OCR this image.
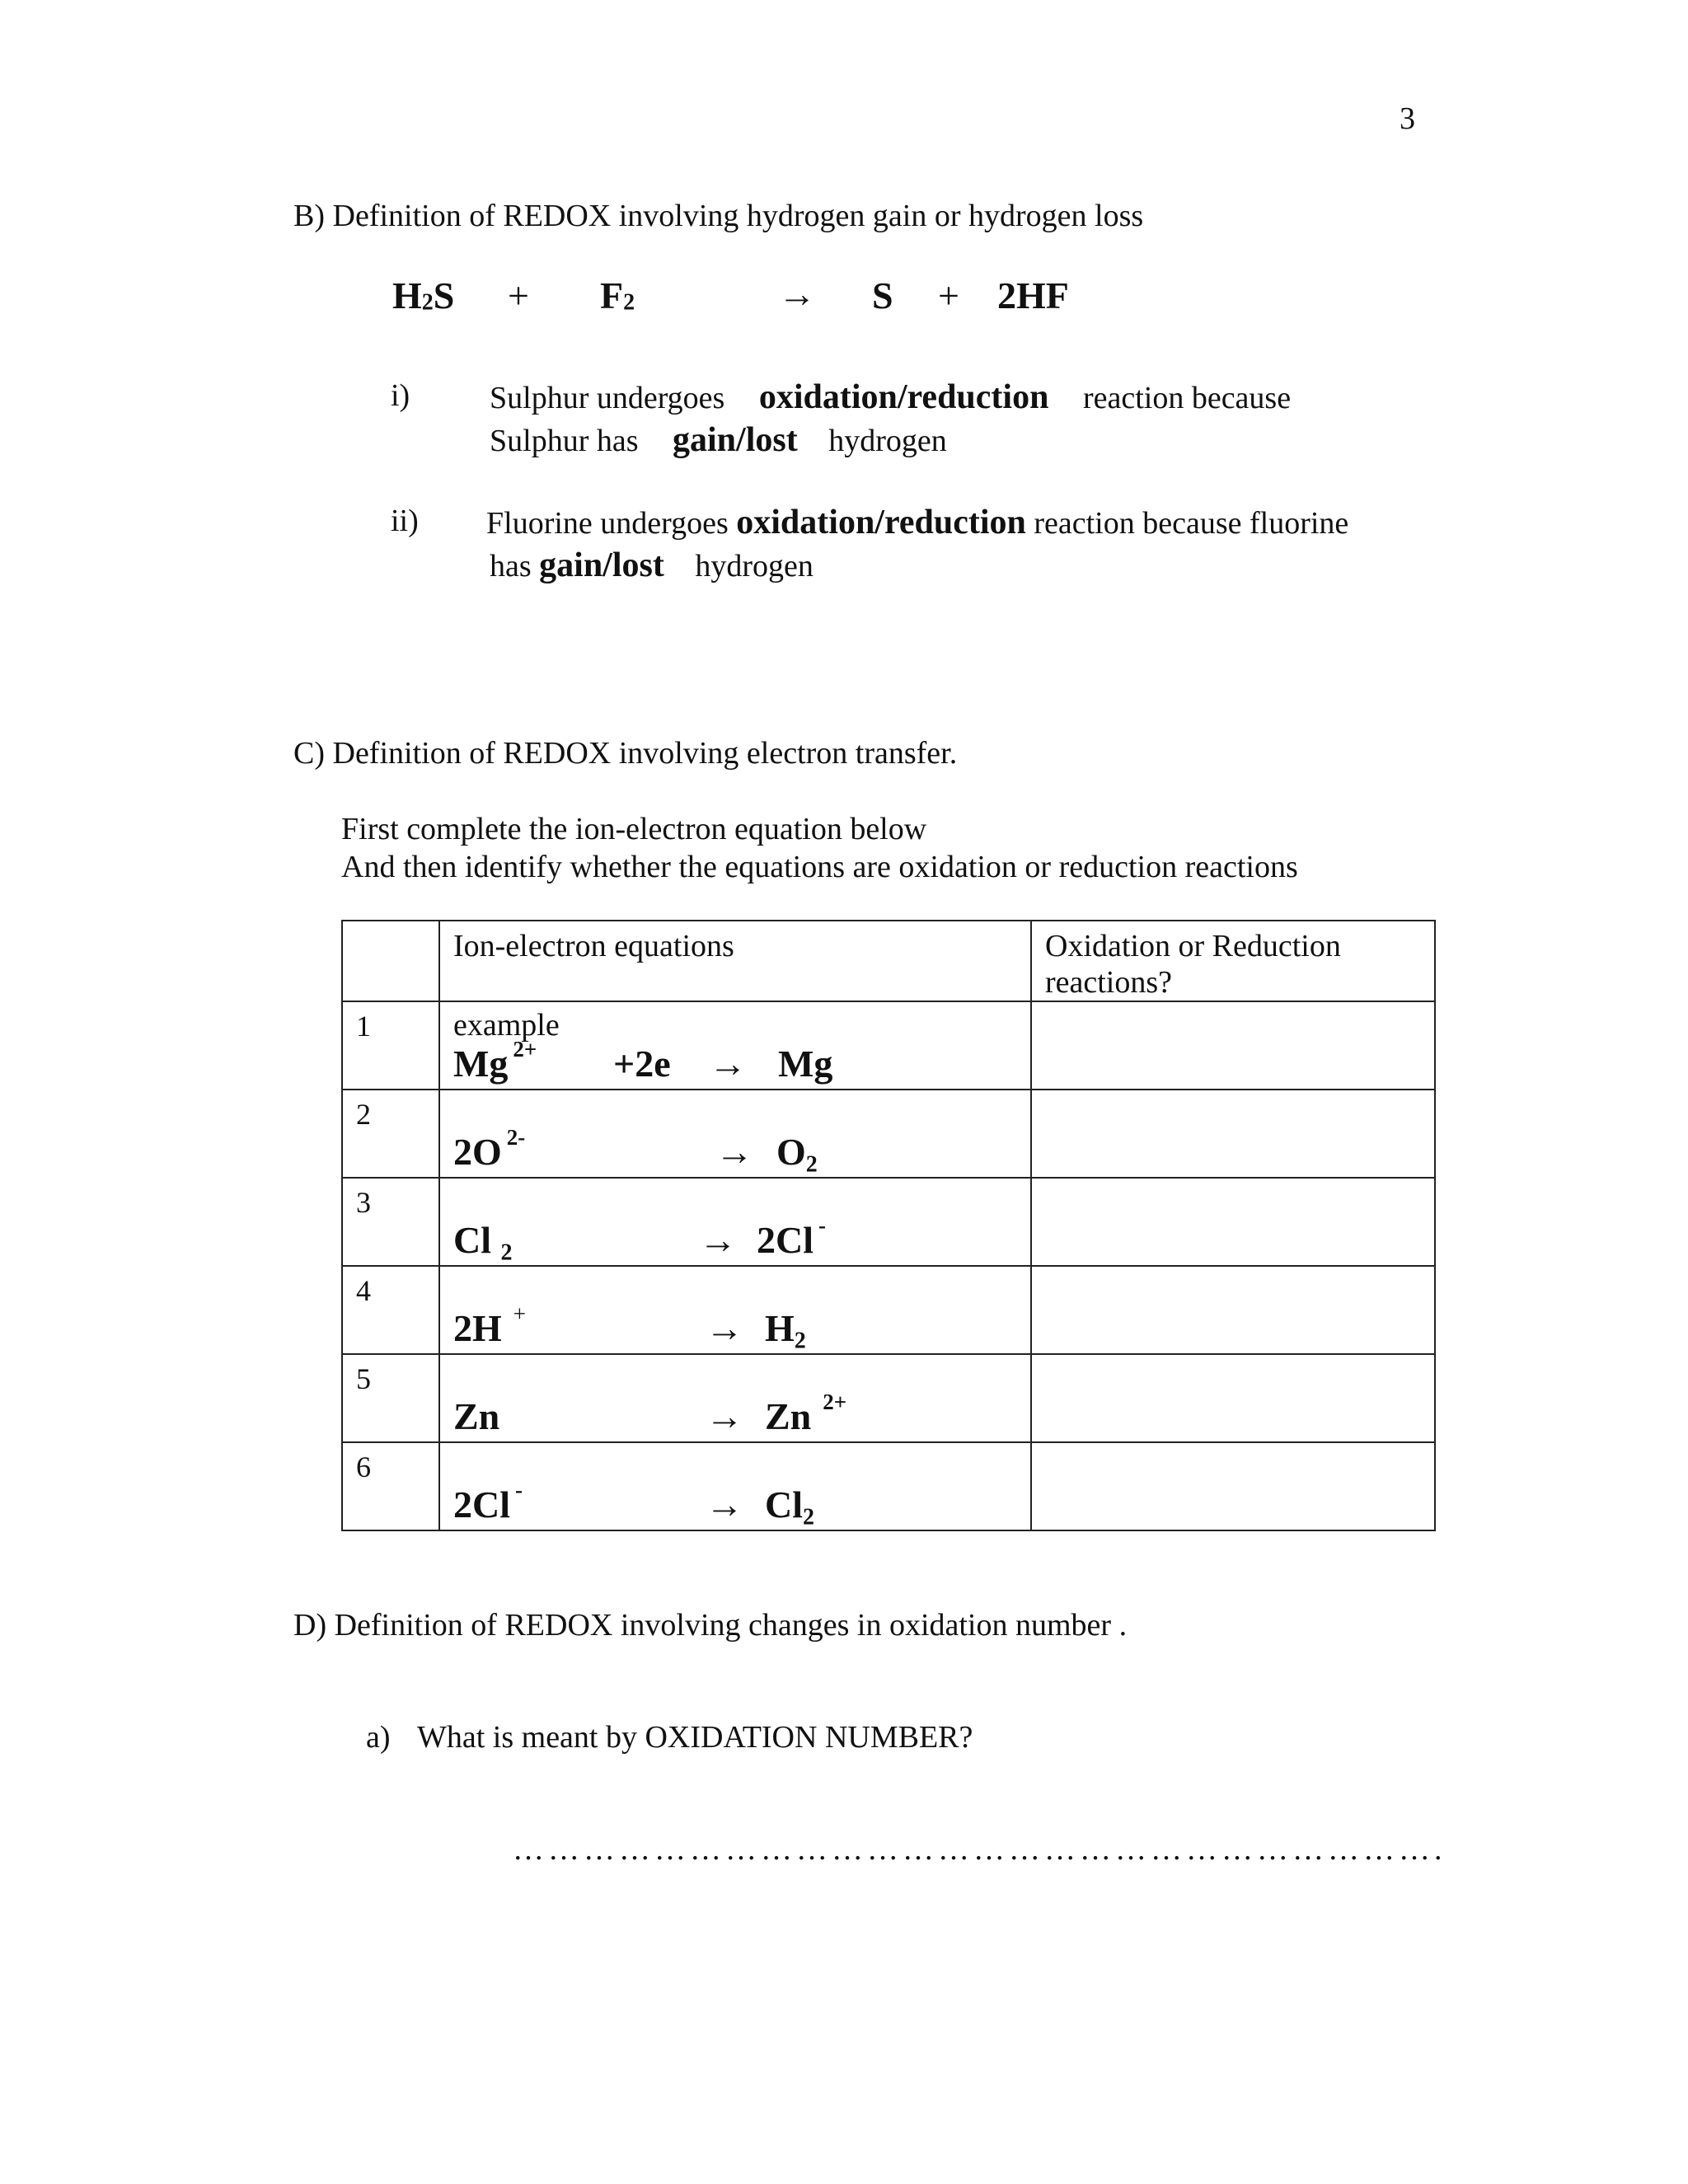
3
B) Definition of REDOX involving hydrogen gain or hydrogen loss
$H_2S + F_2$	→ S + 2HF
i)	Sulphur undergoes oxidation/reduction reaction because
Sulphur has gain/lost hydrogen
ii) Fluorine undergoes oxidation/reduction reaction because fluorine
has gain/lost hydrogen
C) Definition of REDOX involving electron transfer.
First complete the ion-electron equation below
And then identify whether the equations are oxidation or reduction reactions

	Ion-electron equations	Oxidation or Reduction reactions?

1	example
Mg $^{2+}$ +2e → Mg	

2	2O $^{2-} \to O_2$

3	Cl $_2$ → 2Cl -

4	2H $^+ \to H_2$

5	Zn → Zn $^{2+}$

6	2Cl $^- \to Cl_2$

D) Definition of REDOX involving changes in oxidation number .
a) What is meant by OXIDATION NUMBER?
…………………………………………………………………….
